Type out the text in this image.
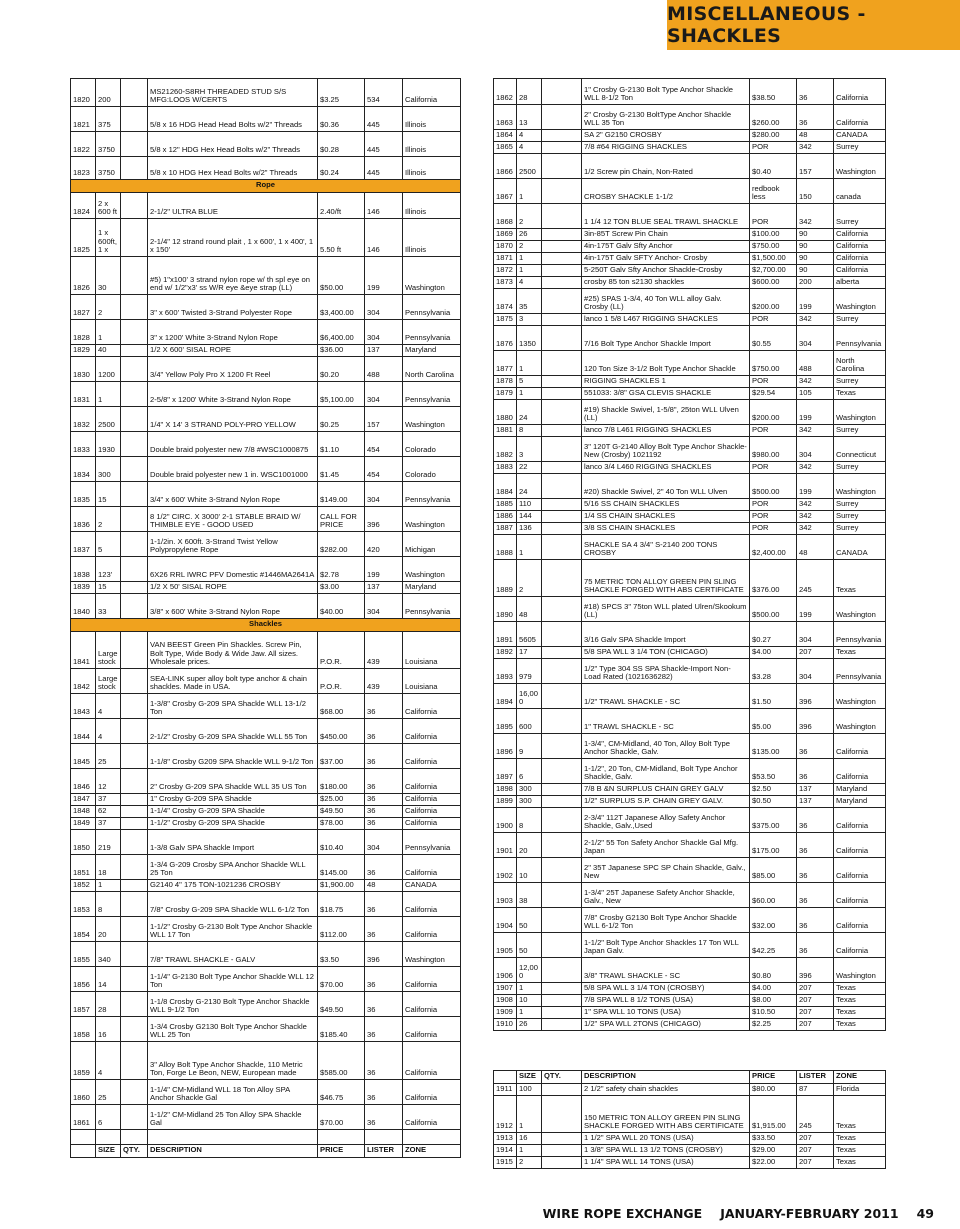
MISCELLANEOUS - SHACKLES
1820	200		MS21260-S8RH THREADED STUD S/S MFG:LOOS W/CERTS	$3.25	534	California
1821	375		5/8 x 16 HDG Head Head Bolts w/2" Threads	$0.36	445	Illinois
1822	3750		5/8 x 12" HDG Hex Head Bolts w/2" Threads	$0.28	445	Illinois
1823	3750		5/8 x 10 HDG Hex Head Bolts w/2" Threads	$0.24	445	Illinois
Rope						
1824	2 x 600 ft		2-1/2" ULTRA BLUE	2.40/ft	146	Illinois
1825	1 x 600ft, 1 x		2-1/4" 12 strand round plait , 1 x 600', 1 x 400', 1 x 150'	5.50 ft	146	Illinois
1826	30		#5) 1"x100' 3 strand nylon rope w/ th spl eye on end w/ 1/2"x3' ss W/R eye &eye strap (LL)	$50.00	199	Washington
1827	2		3" x 600' Twisted 3-Strand Polyester Rope	$3,400.00	304	Pennsylvania
1828	1		3" x 1200' White 3-Strand Nylon Rope	$6,400.00	304	Pennsylvania
1829	40		1/2 X 600' SISAL ROPE	$36.00	137	Maryland
1830	1200		3/4" Yellow Poly Pro X 1200 Ft Reel	$0.20	488	North Carolina
1831	1		2-5/8" x 1200' White 3-Strand Nylon Rope	$5,100.00	304	Pennsylvania
1832	2500		1/4" X 14' 3 STRAND POLY-PRO YELLOW	$0.25	157	Washington
1833	1930		Double braid polyester new 7/8 #WSC1000875	$1.10	454	Colorado
1834	300		Double braid polyester new 1 in. WSC1001000	$1.45	454	Colorado
1835	15		3/4" x 600' White 3-Strand Nylon Rope	$149.00	304	Pennsylvania
1836	2		8 1/2" CIRC. X 3000' 2-1 STABLE BRAID W/ THIMBLE EYE - GOOD USED	CALL FOR PRICE	396	Washington
1837	5		1-1/2in. X 600ft. 3-Strand Twist Yellow Polypropylene Rope	$282.00	420	Michigan
1838	123'		6X26 RRL IWRC PFV Domestic #1446MA2641A	$2.78	199	Washington
1839	15		1/2 X 50' SISAL ROPE	$3.00	137	Maryland
1840	33		3/8" x 600' White 3-Strand Nylon Rope	$40.00	304	Pennsylvania
Shackles						
1841	Large stock		VAN BEEST Green Pin Shackles. Screw Pin, Bolt Type, Wide Body & Wide Jaw. All sizes. Wholesale prices.	P.O.R.	439	Louisiana
1842	Large stock		SEA-LINK super alloy bolt type anchor & chain shackles. Made in USA.	P.O.R.	439	Louisiana
1843	4		1-3/8" Crosby G-209 SPA Shackle WLL 13-1/2 Ton	$68.00	36	California
1844	4		2-1/2" Crosby G-209 SPA Shackle WLL 55 Ton	$450.00	36	California
1845	25		1-1/8" Crosby G209 SPA Shackle WLL 9-1/2 Ton	$37.00	36	California
1846	12		2" Crosby G-209 SPA Shackle WLL 35 US Ton	$180.00	36	California
1847	37		1" Crosby G-209 SPA Shackle	$25.00	36	California
1848	62		1-1/4" Crosby G-209 SPA Shackle	$49.50	36	California
1849	37		1-1/2" Crosby G-209 SPA Shackle	$78.00	36	California
1850	219		1-3/8 Galv SPA Shackle Import	$10.40	304	Pennsylvania
1851	18		1-3/4 G-209 Crosby SPA Anchor Shackle WLL 25 Ton	$145.00	36	California
1852	1		G2140 4" 175 TON-1021236 CROSBY	$1,900.00	48	CANADA
1853	8		7/8" Crosby G-209 SPA Shackle WLL 6-1/2 Ton	$18.75	36	California
1854	20		1-1/2" Crosby G-2130 Bolt Type Anchor Shackle WLL 17 Ton	$112.00	36	California
1855	340		7/8" TRAWL SHACKLE - GALV	$3.50	396	Washington
1856	14		1-1/4" G-2130 Bolt Type Anchor Shackle WLL 12 Ton	$70.00	36	California
1857	28		1-1/8 Crosby G-2130 Bolt Type Anchor Shackle WLL 9-1/2 Ton	$49.50	36	California
1858	16		1-3/4 Crosby G2130 Bolt Type Anchor Shackle WLL 25 Ton	$185.40	36	California
1859	4		3" Alloy Bolt Type Anchor Shackle, 110 Metric Ton, Forge Le Beon, NEW, European made	$585.00	36	California
1860	25		1-1/4" CM-Midland WLL 18 Ton Alloy SPA Anchor Shackle Gal	$46.75	36	California
1861	6		1-1/2" CM-Midland 25 Ton Alloy SPA Shackle Gal	$70.00	36	California

	SIZE	QTY.	DESCRIPTION	PRICE	LISTER	ZONE
1862	28		1" Crosby G-2130 Bolt Type Anchor Shackle WLL 8-1/2 Ton	$38.50	36	California
1863	13		2" Crosby G-2130 BoltType Anchor Shackle WLL 35 Ton	$260.00	36	California
1864	4		SA 2" G2150 CROSBY	$280.00	48	CANADA
1865	4		7/8 #64 RIGGING SHACKLES	POR	342	Surrey
1866	2500		1/2 Screw pin Chain, Non-Rated	$0.40	157	Washington
1867	1		CROSBY SHACKLE 1-1/2	redbook less	150	canada
1868	2		1 1/4 12 TON BLUE SEAL TRAWL SHACKLE	POR	342	Surrey
1869	26		3in-85T Screw Pin Chain	$100.00	90	California
1870	2		4in-175T Galv Sfty Anchor	$750.00	90	California
1871	1		4in-175T Galv SFTY Anchor- Crosby	$1,500.00	90	California
1872	1		5-250T Galv Sfty Anchor Shackle-Crosby	$2,700.00	90	California
1873	4		crosby 85 ton s2130 shackles	$600.00	200	alberta
1874	35		#25) SPAS 1-3/4, 40 Ton WLL alloy Galv. Crosby (LL)	$200.00	199	Washington
1875	3		lanco 1 5/8 L467 RIGGING SHACKLES	POR	342	Surrey
1876	1350		7/16 Bolt Type Anchor Shackle Import	$0.55	304	Pennsylvania
1877	1		120 Ton Size 3-1/2 Bolt Type Anchor Shackle	$750.00	488	North Carolina
1878	5		RIGGING SHACKLES 1	POR	342	Surrey
1879	1		551033: 3/8" GSA CLEVIS SHACKLE	$29.54	105	Texas
1880	24		#19) Shackle Swivel, 1-5/8", 25ton WLL Ulven (LL)	$200.00	199	Washington
1881	8		lanco 7/8 L461 RIGGING SHACKLES	POR	342	Surrey
1882	3		3" 120T G-2140 Alloy Bolt Type Anchor Shackle- New (Crosby) 1021192	$980.00	304	Connecticut
1883	22		lanco 3/4 L460 RIGGING SHACKLES	POR	342	Surrey
1884	24		#20) Shackle Swivel, 2" 40 Ton WLL Ulven	$500.00	199	Washington
1885	110		5/16 SS CHAIN SHACKLES	POR	342	Surrey
1886	144		1/4 SS CHAIN SHACKLES	POR	342	Surrey
1887	136		3/8 SS CHAIN SHACKLES	POR	342	Surrey
1888	1		SHACKLE SA 4 3/4" S-2140 200 TONS CROSBY	$2,400.00	48	CANADA
1889	2		75 METRIC TON ALLOY GREEN PIN SLING SHACKLE FORGED WITH ABS CERTIFICATE	$376.00	245	Texas
1890	48		#18) SPCS 3" 75ton WLL plated Ulren/Skookum (LL)	$500.00	199	Washington
1891	5605		3/16 Galv SPA Shackle Import	$0.27	304	Pennsylvania
1892	17		5/8 SPA WLL 3 1/4 TON (CHICAGO)	$4.00	207	Texas
1893	979		1/2" Type 304 SS SPA Shackle-Import Non-Load Rated (1021636282)	$3.28	304	Pennsylvania
1894	16,000		1/2" TRAWL SHACKLE - SC	$1.50	396	Washington
1895	600		1" TRAWL SHACKLE - SC	$5.00	396	Washington
1896	9		1-3/4", CM-Midland, 40 Ton, Alloy Bolt Type Anchor Shackle, Galv.	$135.00	36	California
1897	6		1-1/2", 20 Ton, CM-Midland, Bolt Type Anchor Shackle, Galv.	$53.50	36	California
1898	300		7/8 B &N SURPLUS CHAIN GREY GALV	$2.50	137	Maryland
1899	300		1/2" SURPLUS S.P. CHAIN GREY GALV.	$0.50	137	Maryland
1900	8		2-3/4" 112T Japanese Alloy Safety Anchor Shackle, Galv.,Used	$375.00	36	California
1901	20		2-1/2" 55 Ton Safety Anchor Shackle Gal Mfg. Japan	$175.00	36	California
1902	10		2" 35T Japanese SPC SP Chain Shackle, Galv., New	$85.00	36	California
1903	38		1-3/4" 25T Japanese Safety Anchor Shackle, Galv., New	$60.00	36	California
1904	50		7/8" Crosby G2130 Bolt Type Anchor Shackle WLL 6-1/2 Ton	$32.00	36	California
1905	50		1-1/2" Bolt Type Anchor Shackles 17 Ton WLL Japan Galv.	$42.25	36	California
1906	12,000		3/8" TRAWL SHACKLE - SC	$0.80	396	Washington
1907	1		5/8 SPA WLL 3 1/4 TON (CROSBY)	$4.00	207	Texas
1908	10		7/8 SPA WLL 8 1/2 TONS (USA)	$8.00	207	Texas
1909	1		1" SPA WLL 10 TONS (USA)	$10.50	207	Texas
1910	26		1/2" SPA WLL 2TONS (CHICAGO)	$2.25	207	Texas
	SIZE	QTY.	DESCRIPTION	PRICE	LISTER	ZONE
1911	100		2 1/2" safety chain shackles	$80.00	87	Florida
1912	1		150 METRIC TON ALLOY GREEN PIN SLING SHACKLE FORGED WITH ABS CERTIFICATE	$1,915.00	245	Texas
1913	16		1 1/2" SPA WLL 20 TONS (USA)	$33.50	207	Texas
1914	1		1 3/8" SPA WLL 13 1/2 TONS (CROSBY)	$29.00	207	Texas
1915	2		1 1/4" SPA WLL 14 TONS (USA)	$22.00	207	Texas
WIRE ROPE EXCHANGE JANUARY-FEBRUARY 2011 49
